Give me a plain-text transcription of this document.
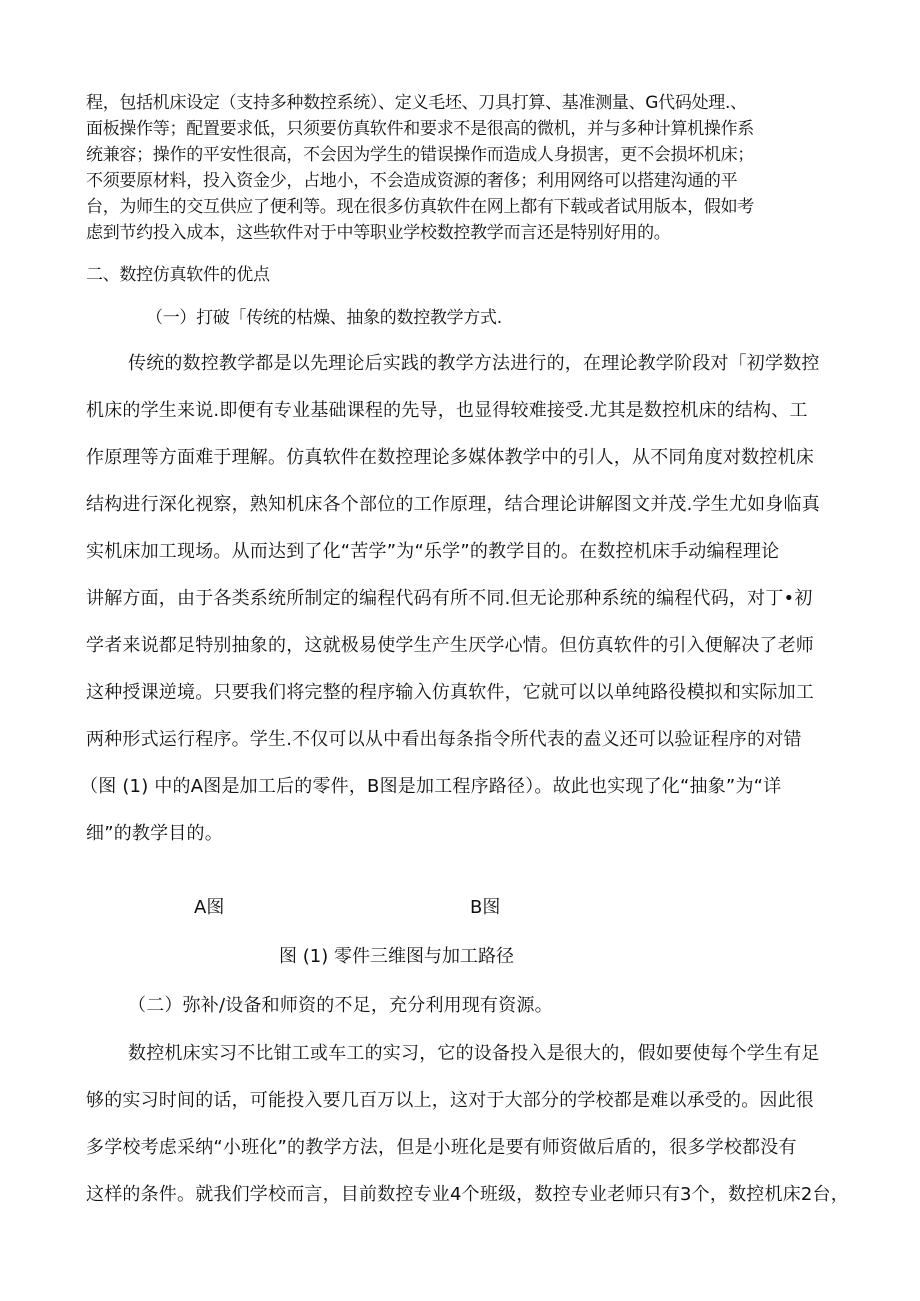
程，包括机床设定（支持多种数控系统）、定义毛坯、刀具打算、基准测量、G代码处理.、

面板操作等；配置要求低，只须要仿真软件和要求不是很高的微机，并与多种计算机操作系

统兼容；操作的平安性很高，不会因为学生的错误操作而造成人身损害，更不会损坏机床；

不须要原材料，投入资金少，占地小，不会造成资源的奢侈；利用网络可以搭建沟通的平

台，为师生的交互供应了便利等。现在很多仿真软件在网上都有下载或者试用版本，假如考

虑到节约投入成本，这些软件对于中等职业学校数控教学而言还是特别好用的。

二、数控仿真软件的优点

（一）打破「传统的枯燥、抽象的数控教学方式.

传统的数控教学都是以先理论后实践的教学方法进行的，在理论教学阶段对「初学数控

机床的学生来说.即便有专业基础课程的先导，也显得较难接受.尤其是数控机床的结构、工

作原理等方面难于理解。仿真软件在数控理论多媒体教学中的引人，从不同角度对数控机床

结构进行深化视察，熟知机床各个部位的工作原理，结合理论讲解图文并茂.学生尤如身临真

实机床加工现场。从而达到了化“苦学”为“乐学”的教学目的。在数控机床手动编程理论

讲解方面，由于各类系统所制定的编程代码有所不同.但无论那种系统的编程代码，对丁•初

学者来说都足特别抽象的，这就极易使学生产生厌学心情。但仿真软件的引入便解决了老师

这种授课逆境。只要我们将完整的程序输入仿真软件，它就可以以单纯路役模拟和实际加工

两种形式运行程序。学生.不仅可以从中看出每条指令所代表的盍义还可以验证程序的对错

（图 (1) 中的A图是加工后的零件，B图是加工程序路径）。故此也实现了化“抽象”为“详

细”的教学目的。

A图	B图

图 (1) 零件三维图与加工路径

（二）弥补/设备和师资的不足，充分利用现有资源。

数控机床实习不比钳工或车工的实习，它的设备投入是很大的，假如要使每个学生有足

够的实习时间的话，可能投入要几百万以上，这对于大部分的学校都是难以承受的。因此很

多学校考虑采纳“小班化”的教学方法，但是小班化是要有师资做后盾的，很多学校都没有

这样的条件。就我们学校而言，目前数控专业4个班级，数控专业老师只有3个，数控机床2台，
